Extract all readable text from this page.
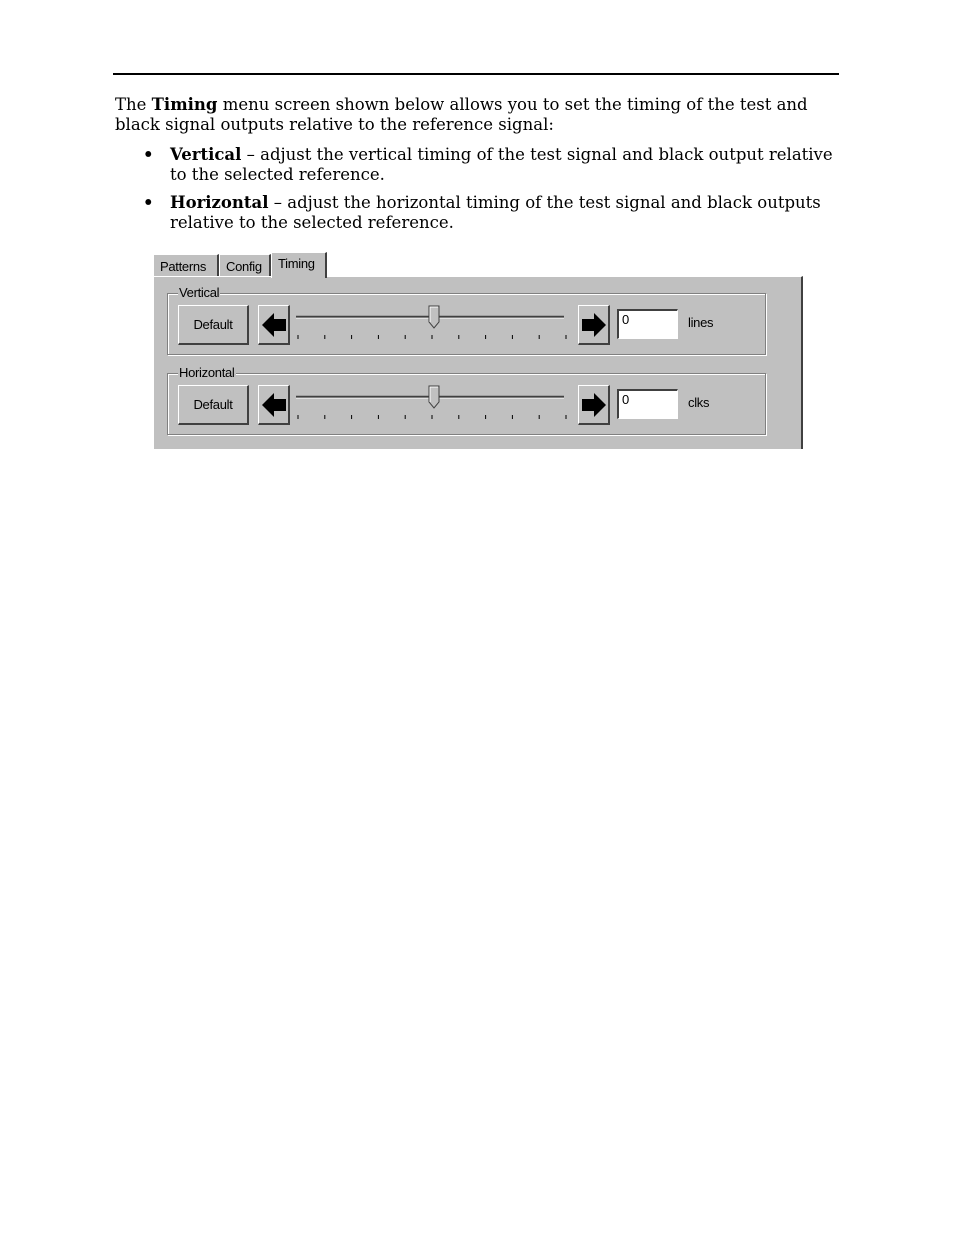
The Timing menu screen shown below allows you to set the timing of the test and black signal outputs relative to the reference signal:
• Vertical – adjust the vertical timing of the test signal and black output relative to the selected reference.
• Horizontal – adjust the horizontal timing of the test signal and black outputs relative to the selected reference.
Patterns	Config	Timing
Vertical
Default	0	lines
Horizontal
Default	0	clks
